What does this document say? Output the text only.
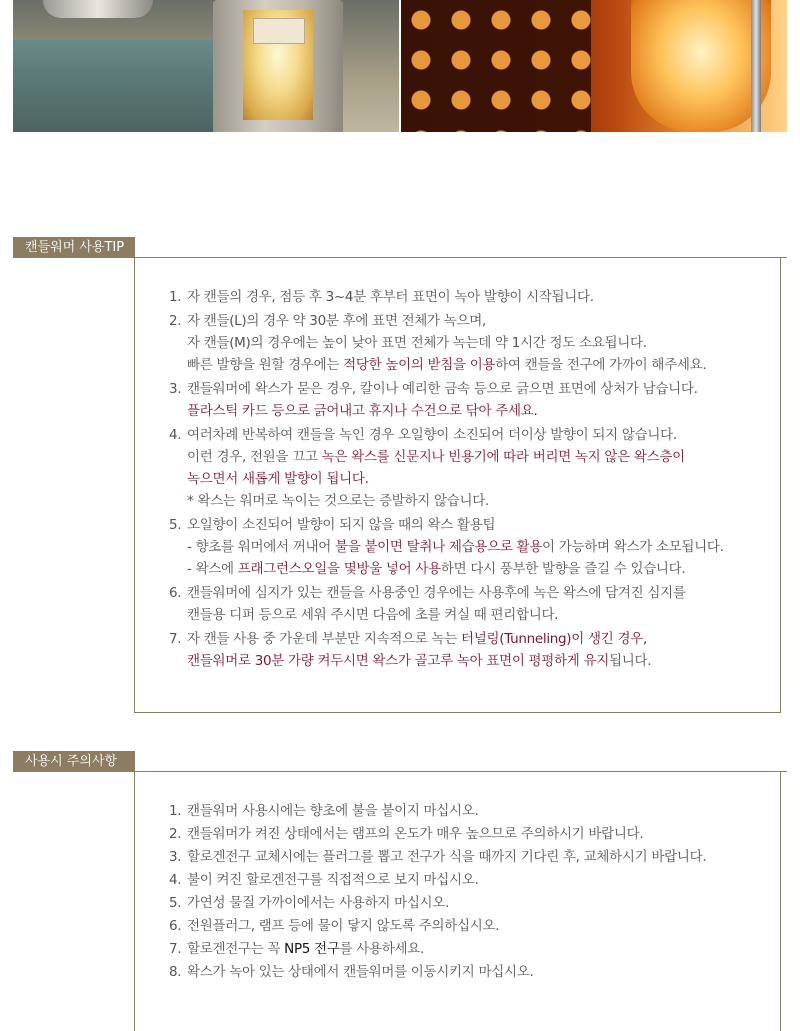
캔들워머 사용TIP
1. 자 캔들의 경우, 점등 후 3~4분 후부터 표면이 녹아 발향이 시작됩니다.
2. 자 캔들(L)의 경우 약 30분 후에 표면 전체가 녹으며,
자 캔들(M)의 경우에는 높이 낮아 표면 전체가 녹는데 약 1시간 정도 소요됩니다.
빠른 발향을 원할 경우에는 적당한 높이의 받침을 이용하여 캔들을 전구에 가까이 해주세요.
3. 캔들워머에 왁스가 묻은 경우, 칼이나 예리한 금속 등으로 긁으면 표면에 상처가 남습니다.
플라스틱 카드 등으로 긁어내고 휴지나 수건으로 닦아 주세요.
4. 여러차례 반복하여 캔들을 녹인 경우 오일향이 소진되어 더이상 발향이 되지 않습니다.
이런 경우, 전원을 끄고 녹은 왁스를 신문지나 빈용기에 따라 버리면 녹지 않은 왁스층이
녹으면서 새롭게 발향이 됩니다.
* 왁스는 워머로 녹이는 것으로는 증발하지 않습니다.
5. 오일향이 소진되어 발향이 되지 않을 때의 왁스 활용팁
- 향초를 워머에서 꺼내어 불을 붙이면 탈취나 제습용으로 활용이 가능하며 왁스가 소모됩니다.
- 왁스에 프래그런스오일을 몇방울 넣어 사용하면 다시 풍부한 발향을 즐길 수 있습니다.
6. 캔들워머에 심지가 있는 캔들을 사용중인 경우에는 사용후에 녹은 왁스에 담겨진 심지를
캔들용 디퍼 등으로 세워 주시면 다음에 초를 켜실 때 편리합니다.
7. 자 캔들 사용 중 가운데 부분만 지속적으로 녹는 터널링(Tunneling)이 생긴 경우,
캔들워머로 30분 가량 켜두시면 왁스가 골고루 녹아 표면이 평평하게 유지됩니다.
사용시 주의사항
1. 캔들워머 사용시에는 향초에 불을 붙이지 마십시오.
2. 캔들워머가 켜진 상태에서는 램프의 온도가 매우 높으므로 주의하시기 바랍니다.
3. 할로겐전구 교체시에는 플러그를 뽑고 전구가 식을 때까지 기다린 후, 교체하시기 바랍니다.
4. 불이 켜진 할로겐전구를 직접적으로 보지 마십시오.
5. 가연성 물질 가까이에서는 사용하지 마십시오.
6. 전원플러그, 램프 등에 물이 닿지 않도록 주의하십시오.
7. 할로겐전구는 꼭 NP5 전구를 사용하세요.
8. 왁스가 녹아 있는 상태에서 캔들워머를 이동시키지 마십시오.
